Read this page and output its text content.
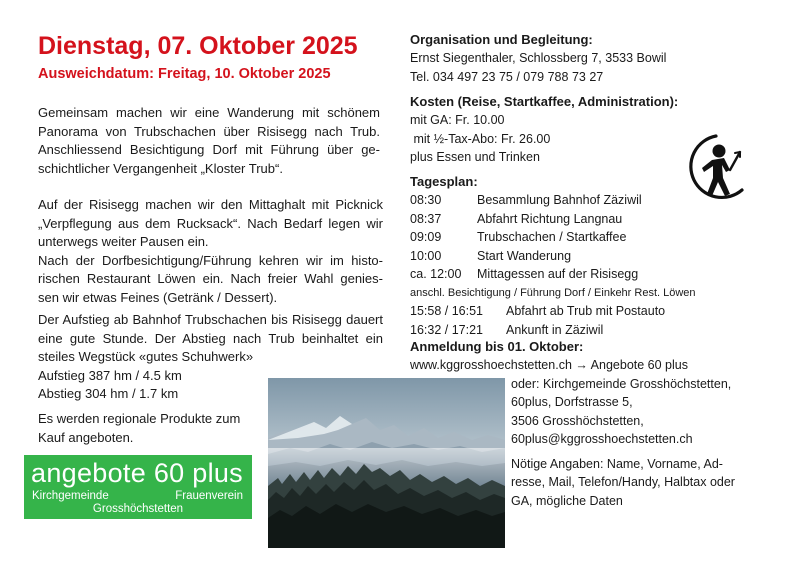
Dienstag, 07. Oktober 2025
Ausweichdatum: Freitag, 10. Oktober 2025
Gemeinsam machen wir eine Wanderung mit schönem
Panorama von Trubschachen über Risisegg nach Trub.
Anschliessend Besichtigung Dorf mit Führung über ge-
schichtlicher Vergangenheit „Kloster Trub“.
Auf der Risisegg machen wir den Mittaghalt mit Picknick
„Verpflegung aus dem Rucksack“. Nach Bedarf legen wir
unterwegs weiter Pausen ein.
Nach der Dorfbesichtigung/Führung kehren wir im histo-
rischen Restaurant Löwen ein. Nach freier Wahl genies-
sen wir etwas Feines (Getränk / Dessert).
Der Aufstieg ab Bahnhof Trubschachen bis Risisegg dauert
eine gute Stunde. Der Abstieg nach Trub beinhaltet ein
steiles Wegstück «gutes Schuhwerk»
Aufstieg 387 hm / 4.5 km
Abstieg 304 hm / 1.7 km
Es werden regionale Produkte zum
Kauf angeboten.
angebote 60 plus
Kirchgemeinde	Frauenverein
Grosshöchstetten
Organisation und Begleitung:
Ernst Siegenthaler, Schlossberg 7, 3533 Bowil
Tel. 034 497 23 75 / 079 788 73 27
Kosten (Reise, Startkaffee, Administration):
mit GA: Fr. 10.00
mit ½-Tax-Abo: Fr. 26.00
plus Essen und Trinken
Tagesplan:
08:30	Besammlung Bahnhof Zäziwil
08:37	Abfahrt Richtung Langnau
09:09	Trubschachen / Startkaffee
10:00	Start Wanderung
ca. 12:00 Mittagessen auf der Risisegg
anschl. Besichtigung / Führung Dorf / Einkehr Rest. Löwen
15:58 / 16:51 Abfahrt ab Trub mit Postauto
16:32 / 17:21 Ankunft in Zäziwil
Anmeldung bis 01. Oktober:
www.kggrosshoechstetten.ch → Angebote 60 plus
oder: Kirchgemeinde Grosshöchstetten,
60plus, Dorfstrasse 5,
3506 Grosshöchstetten,
60plus@kggrosshoechstetten.ch
Nötige Angaben: Name, Vorname, Ad-
resse, Mail, Telefon/Handy, Halbtax oder
GA, mögliche Daten
